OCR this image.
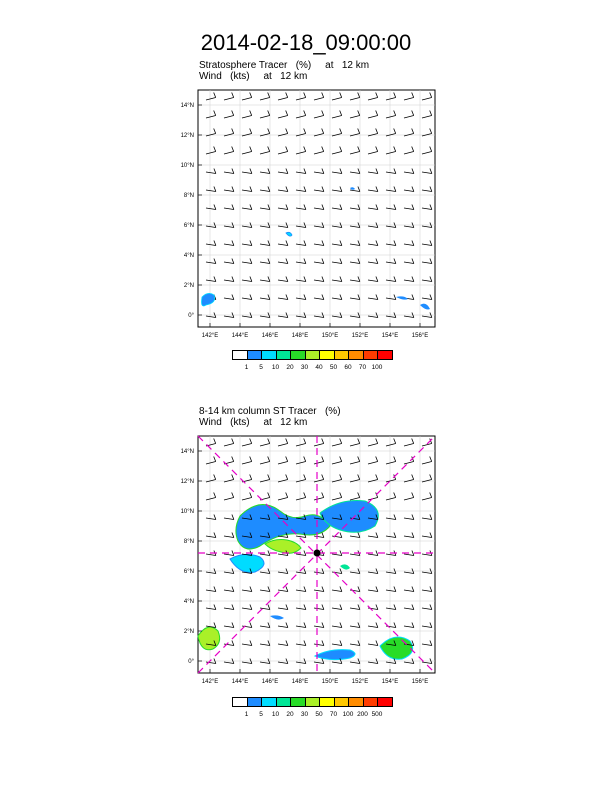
2014-02-18_09:00:00
Stratosphere Tracer   (%)     at   12 km
Wind   (kts)     at   12 km
14°N
12°N
10°N
8°N
6°N
4°N
2°N
0°
142°E 144°E 146°E 148°E 150°E 152°E 154°E 156°E
1	5	10	20	30	40	50	60	70 100
8-14 km column ST Tracer   (%)
Wind   (kts)     at   12 km
14°N
12°N
10°N
8°N
6°N
4°N
2°N
0°
142°E 144°E 146°E 148°E 150°E 152°E 154°E 156°E
1	5	10	20	30	50	70 100 200 500
